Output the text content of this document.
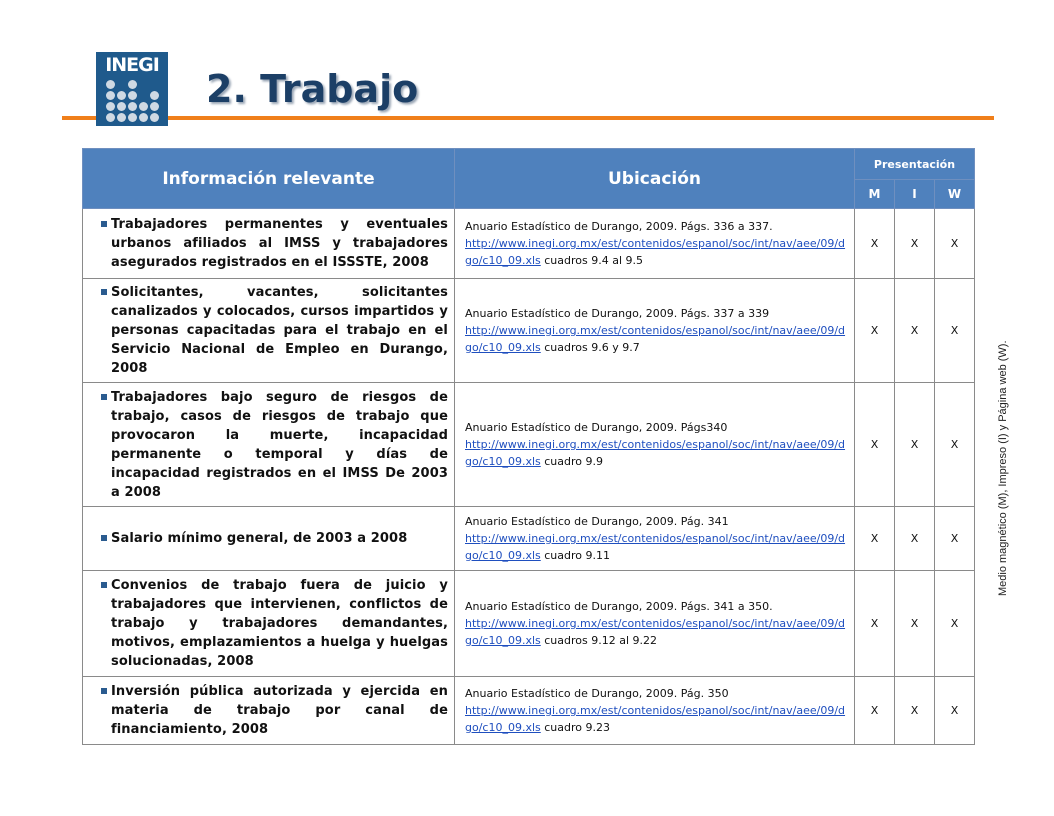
INEGI
2. Trabajo
Medio magnético (M), Impreso (I) y Página web (W).
Información relevante	Ubicación	Presentación		
		M	I	W

Trabajadores permanentes y eventuales urbanos afiliados al IMSS y trabajadores asegurados registrados en el ISSSTE, 2008	Anuario Estadístico de Durango, 2009. Págs. 336 a 337.
http://www.inegi.org.mx/est/contenidos/espanol/soc/int/nav/aee/09/dgo/c10_09.xls cuadros 9.4 al 9.5	X	X	X

Solicitantes, vacantes, solicitantes canalizados y colocados, cursos impartidos y personas capacitadas para el trabajo en el Servicio Nacional de Empleo en Durango, 2008	Anuario Estadístico de Durango, 2009. Págs. 337 a 339
http://www.inegi.org.mx/est/contenidos/espanol/soc/int/nav/aee/09/dgo/c10_09.xls cuadros 9.6 y 9.7	X	X	X

Trabajadores bajo seguro de riesgos de trabajo, casos de riesgos de trabajo que provocaron la muerte, incapacidad permanente o temporal y días de incapacidad registrados en el IMSS De 2003 a 2008	Anuario Estadístico de Durango, 2009. Págs340
http://www.inegi.org.mx/est/contenidos/espanol/soc/int/nav/aee/09/dgo/c10_09.xls cuadro 9.9	X	X	X

Salario mínimo general, de 2003 a 2008	Anuario Estadístico de Durango, 2009. Pág. 341
http://www.inegi.org.mx/est/contenidos/espanol/soc/int/nav/aee/09/dgo/c10_09.xls cuadro 9.11	X	X	X

Convenios de trabajo fuera de juicio y trabajadores que intervienen, conflictos de trabajo y trabajadores demandantes, motivos, emplazamientos a huelga y huelgas solucionadas, 2008	Anuario Estadístico de Durango, 2009. Págs. 341 a 350.
http://www.inegi.org.mx/est/contenidos/espanol/soc/int/nav/aee/09/dgo/c10_09.xls cuadros 9.12 al 9.22	X	X	X

Inversión pública autorizada y ejercida en materia de trabajo por canal de financiamiento, 2008	Anuario Estadístico de Durango, 2009. Pág. 350
http://www.inegi.org.mx/est/contenidos/espanol/soc/int/nav/aee/09/dgo/c10_09.xls cuadro 9.23	X	X	X
